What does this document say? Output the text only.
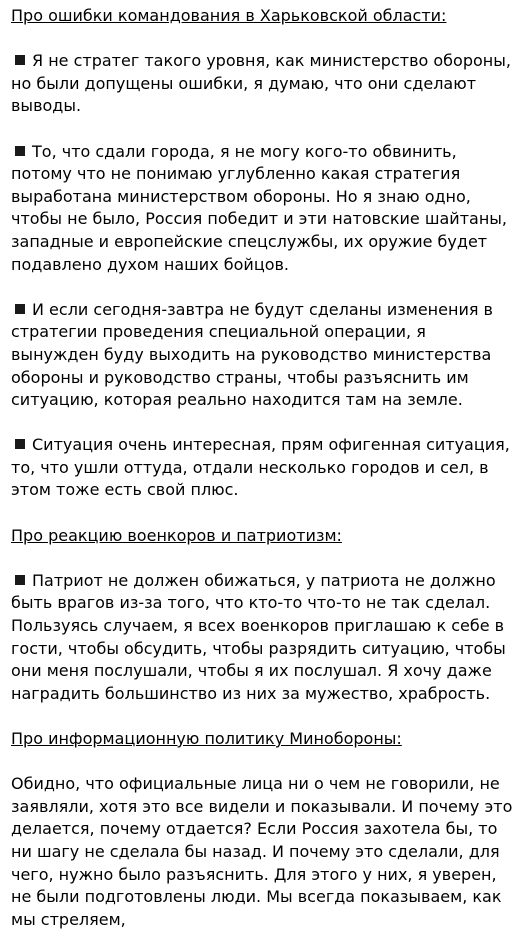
Про ошибки командования в Харьковской области:

Я не стратег такого уровня, как министерство обороны, но были допущены ошибки, я думаю, что они сделают выводы.

То, что сдали города, я не могу кого-то обвинить, потому что не понимаю углубленно какая стратегия выработана министерством обороны. Но я знаю одно, чтобы не было, Россия победит и эти натовские шайтаны, западные и европейские спецслужбы, их оружие будет подавлено духом наших бойцов.

И если сегодня-завтра не будут сделаны изменения в стратегии проведения специальной операции, я вынужден буду выходить на руководство министерства обороны и руководство страны, чтобы разъяснить им ситуацию, которая реально находится там на земле.

Ситуация очень интересная, прям офигенная ситуация, то, что ушли оттуда, отдали несколько городов и сел, в этом тоже есть свой плюс.

Про реакцию военкоров и патриотизм:

Патриот не должен обижаться, у патриота не должно быть врагов из-за того, что кто-то что-то не так сделал. Пользуясь случаем, я всех военкоров приглашаю к себе в гости, чтобы обсудить, чтобы разрядить ситуацию, чтобы они меня послушали, чтобы я их послушал. Я хочу даже наградить большинство из них за мужество, храбрость.

Про информационную политику Минобороны:

Обидно, что официальные лица ни о чем не говорили, не заявляли, хотя это все видели и показывали. И почему это делается, почему отдается? Если Россия захотела бы, то ни шагу не сделала бы назад. И почему это сделали, для чего, нужно было разъяснить. Для этого у них, я уверен, не были подготовлены люди. Мы всегда показываем, как мы стреляем,
